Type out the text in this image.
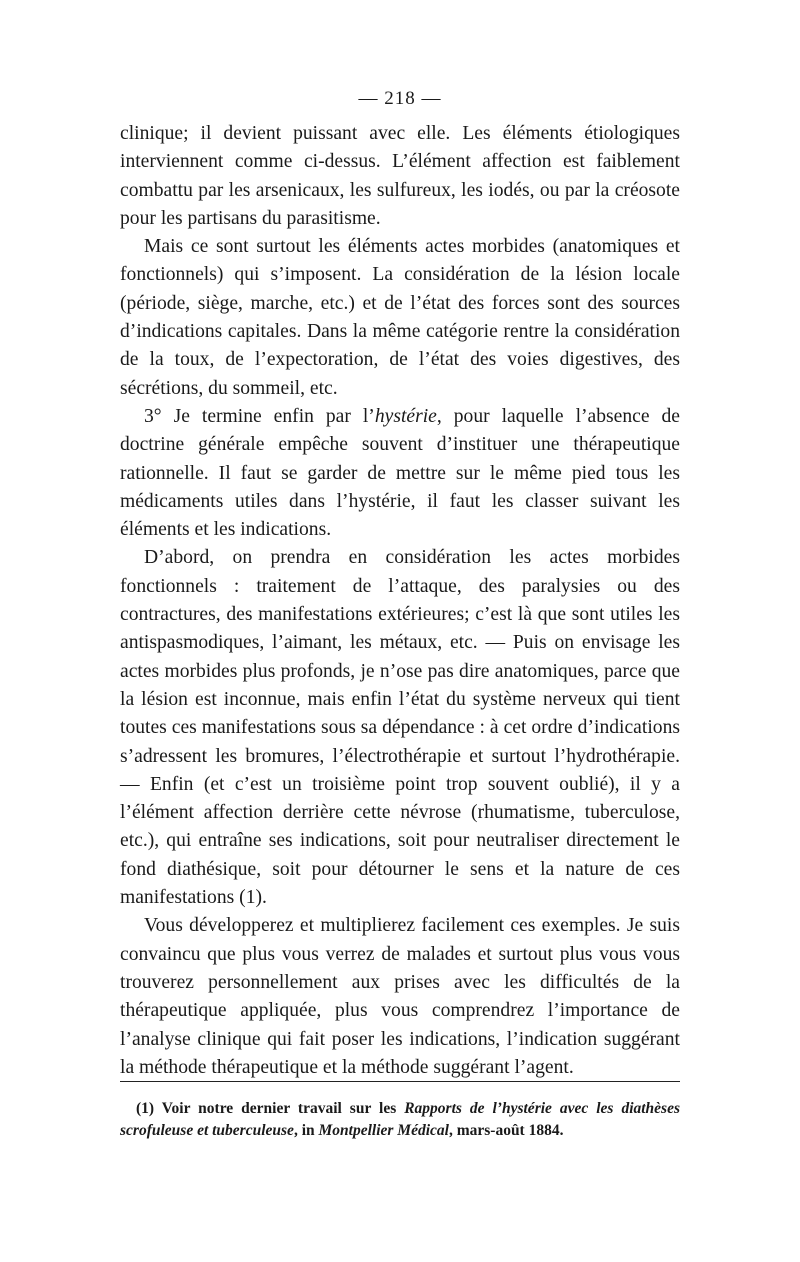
— 218 —

clinique; il devient puissant avec elle. Les éléments étiologiques interviennent comme ci-dessus. L’élément affection est faiblement combattu par les arsenicaux, les sulfureux, les iodés, ou par la créosote pour les partisans du parasitisme.

Mais ce sont surtout les éléments actes morbides (anatomiques et fonctionnels) qui s’imposent. La considération de la lésion locale (période, siège, marche, etc.) et de l’état des forces sont des sources d’indications capitales. Dans la même catégorie rentre la considération de la toux, de l’expectoration, de l’état des voies digestives, des sécrétions, du sommeil, etc.

3° Je termine enfin par l’hystérie, pour laquelle l’absence de doctrine générale empêche souvent d’instituer une thérapeutique rationnelle. Il faut se garder de mettre sur le même pied tous les médicaments utiles dans l’hystérie, il faut les classer suivant les éléments et les indications.

D’abord, on prendra en considération les actes morbides fonctionnels : traitement de l’attaque, des paralysies ou des contractures, des manifestations extérieures; c’est là que sont utiles les antispasmodiques, l’aimant, les métaux, etc. — Puis on envisage les actes morbides plus profonds, je n’ose pas dire anatomiques, parce que la lésion est inconnue, mais enfin l’état du système nerveux qui tient toutes ces manifestations sous sa dépendance : à cet ordre d’indications s’adressent les bromures, l’électrothérapie et surtout l’hydrothérapie. — Enfin (et c’est un troisième point trop souvent oublié), il y a l’élément affection derrière cette névrose (rhumatisme, tuberculose, etc.), qui entraîne ses indications, soit pour neutraliser directement le fond diathésique, soit pour détourner le sens et la nature de ces manifestations (1).

Vous développerez et multiplierez facilement ces exemples. Je suis convaincu que plus vous verrez de malades et surtout plus vous vous trouverez personnellement aux prises avec les difficultés de la thérapeutique appliquée, plus vous comprendrez l’importance de l’analyse clinique qui fait poser les indications, l’indication suggérant la méthode thérapeutique et la méthode suggérant l’agent.

(1) Voir notre dernier travail sur les Rapports de l’hystérie avec les diathèses scrofuleuse et tuberculeuse, in Montpellier Médical, mars-août 1884.
